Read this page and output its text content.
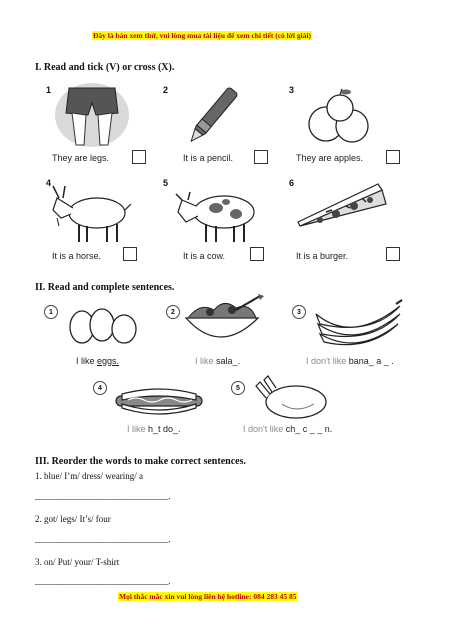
Đây là bản xem thử, vui lòng mua tài liệu để xem chi tiết (có lời giải)
I. Read and tick (V) or cross (X).
1
They are legs.
2
It is a pencil.
3
They are apples.
4
It is a horse.
5
It is a cow.
6
It is a burger.
II. Read and complete sentences.
1
I like eggs.
2
I like sala_.
3
I don't like bana_ a _ .
4
I like h_t do_.
5
I don't like ch_ c _ _ n.
III. Reorder the words to make correct sentences.
1. blue/ I’m/ dress/ wearing/ a
_______________________________.
2. got/ legs/ It’s/ four
_______________________________.
3. on/ Put/ your/ T-shirt
_______________________________.
Mọi thắc mắc xin vui lòng liên hệ hotline: 084 283 45 85
